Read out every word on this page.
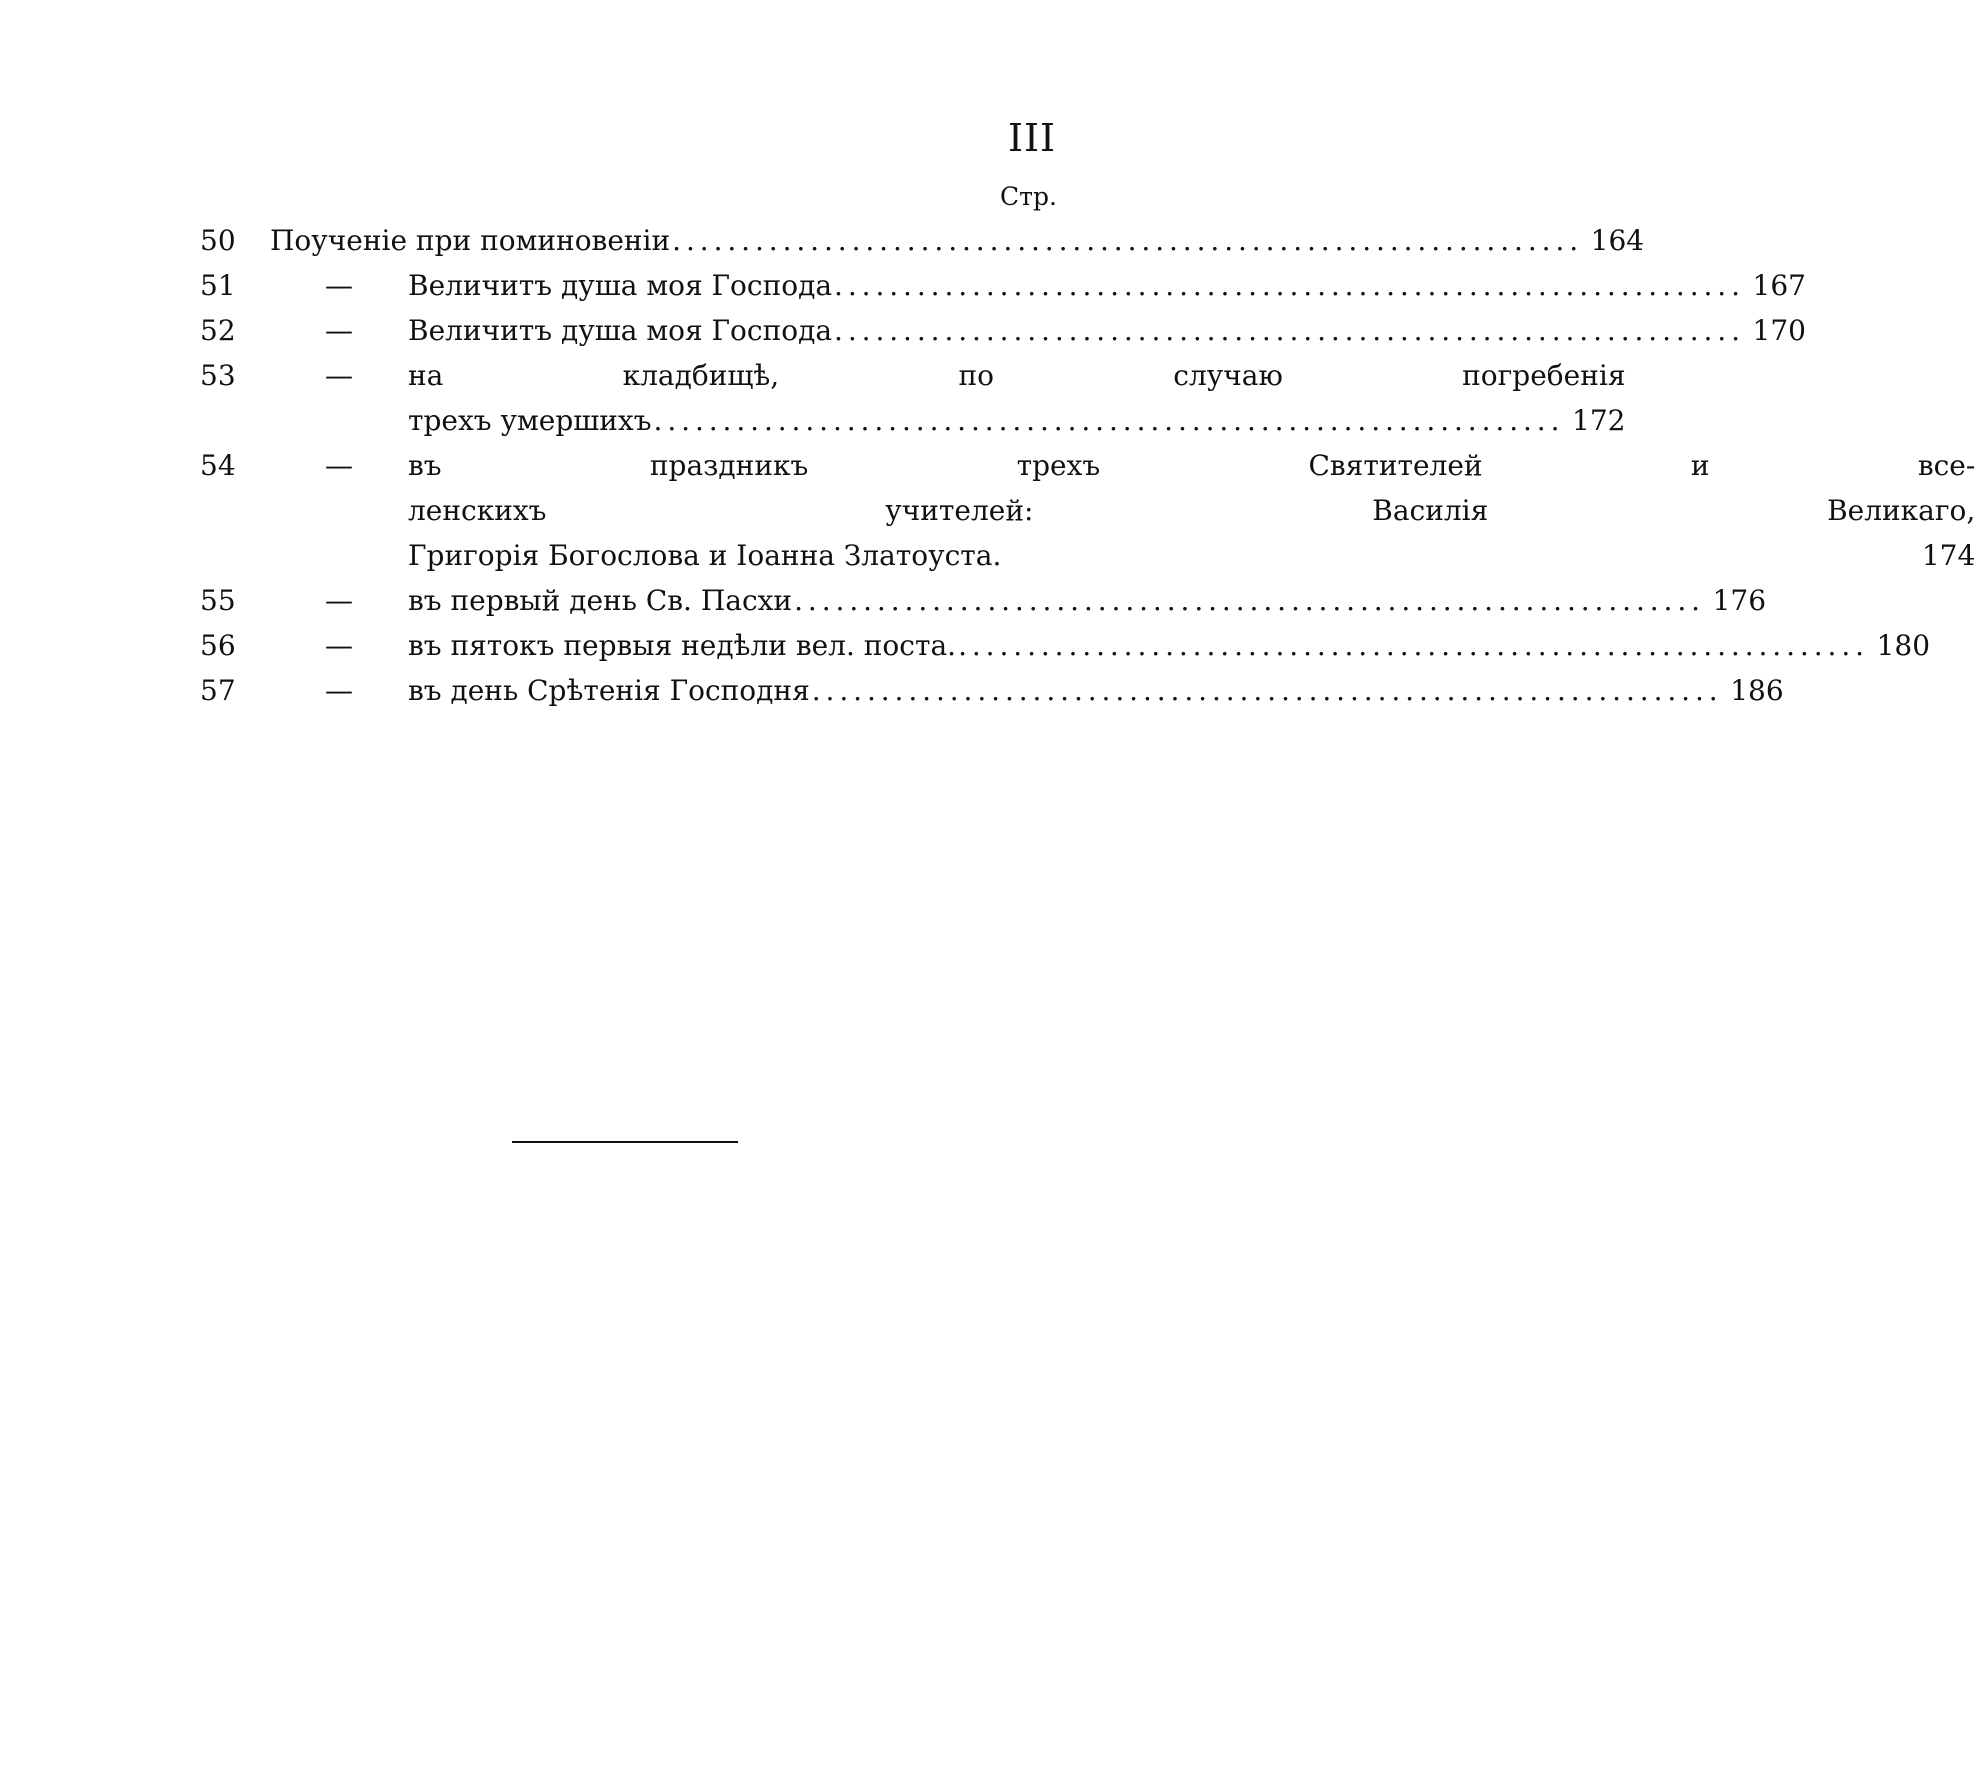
III
Стр.
50	Поученіе при поминовеніи . . .	164
51	—	Величитъ душа моя Господа . . .	167
52	—	Величитъ душа моя Господа . . .	170
53	—	на кладбищѣ, по случаю погребенія
трехъ умершихъ . . .	172
54	—	въ праздникъ трехъ Святителей и все-
ленскихъ учителей: Василія Великаго,
Григорія Богослова и Іоанна Златоуста.	174
55	—	въ первый день Св. Пасхи . . .	176
56	—	въ пятокъ первыя недѣли вел. поста. . . .	180
57	—	въ день Срѣтенія Господня . . .	186
